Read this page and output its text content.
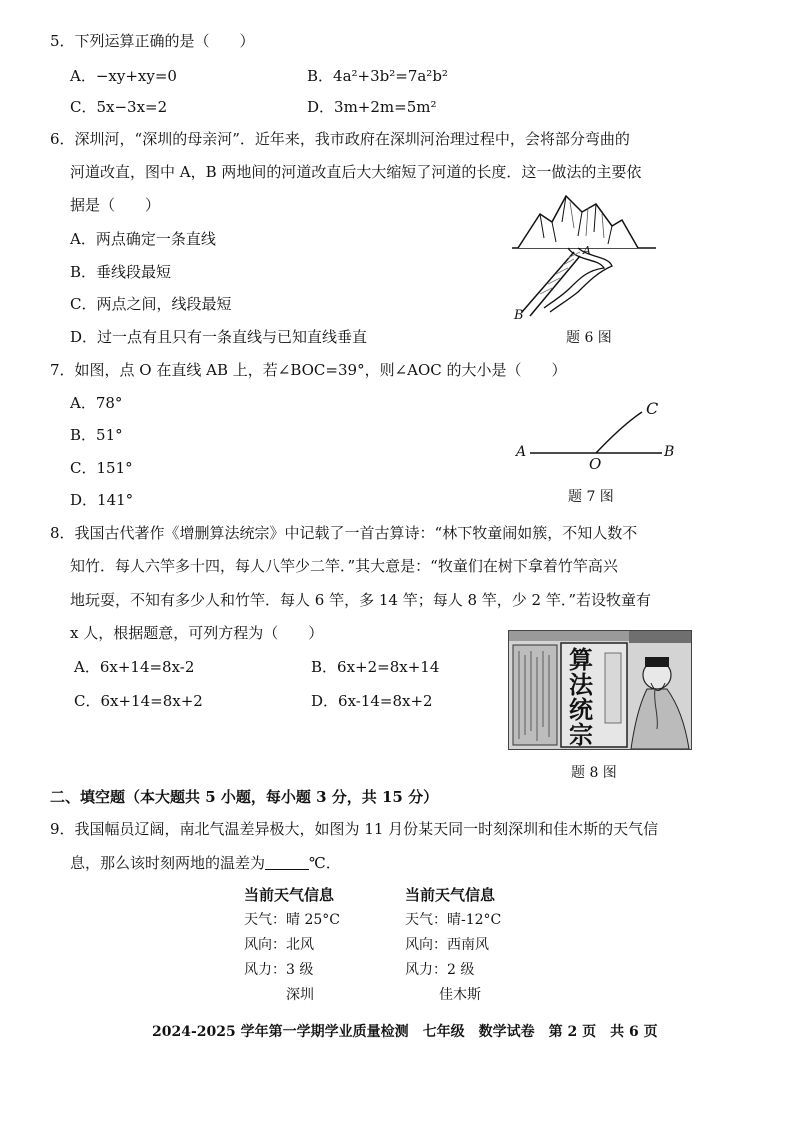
5．下列运算正确的是（　　）
A．−xy+xy=0	B．4a²+3b²=7a²b²
C．5x−3x=2	D．3m+2m=5m²
6．深圳河，“深圳的母亲河”．近年来，我市政府在深圳河治理过程中，会将部分弯曲的
河道改直，图中 A，B 两地间的河道改直后大大缩短了河道的长度．这一做法的主要依
据是（　　）
A．两点确定一条直线
B．垂线段最短
C．两点之间，线段最短
D．过一点有且只有一条直线与已知直线垂直
A
B
题 6 图
7．如图，点 O 在直线 AB 上，若∠BOC=39°，则∠AOC 的大小是（　　）
A．78°
B．51°
C．151°
D．141°
A	B
O
C
题 7 图
8．我国古代著作《增删算法统宗》中记载了一首古算诗：“林下牧童闹如簇，不知人数不
知竹．每人六竿多十四，每人八竿少二竿．”其大意是：“牧童们在树下拿着竹竿高兴
地玩耍，不知有多少人和竹竿．每人 6 竿，多 14 竿；每人 8 竿，少 2 竿．”若设牧童有
x 人，根据题意，可列方程为（　　）
A．6x+14=8x-2	B．6x+2=8x+14
C．6x+14=8x+2	D．6x-14=8x+2
算法统宗
题 8 图
二、填空题（本大题共 5 小题，每小题 3 分，共 15 分）
9．我国幅员辽阔，南北气温差异极大，如图为 11 月份某天同一时刻深圳和佳木斯的天气信
息，那么该时刻两地的温差为	℃．
当前天气信息
天气：晴 25°C
风向：北风
风力：3 级
深圳
当前天气信息
天气：晴-12°C
风向：西南风
风力：2 级
佳木斯
2024-2025 学年第一学期学业质量检测　七年级　数学试卷　第 2 页　共 6 页
